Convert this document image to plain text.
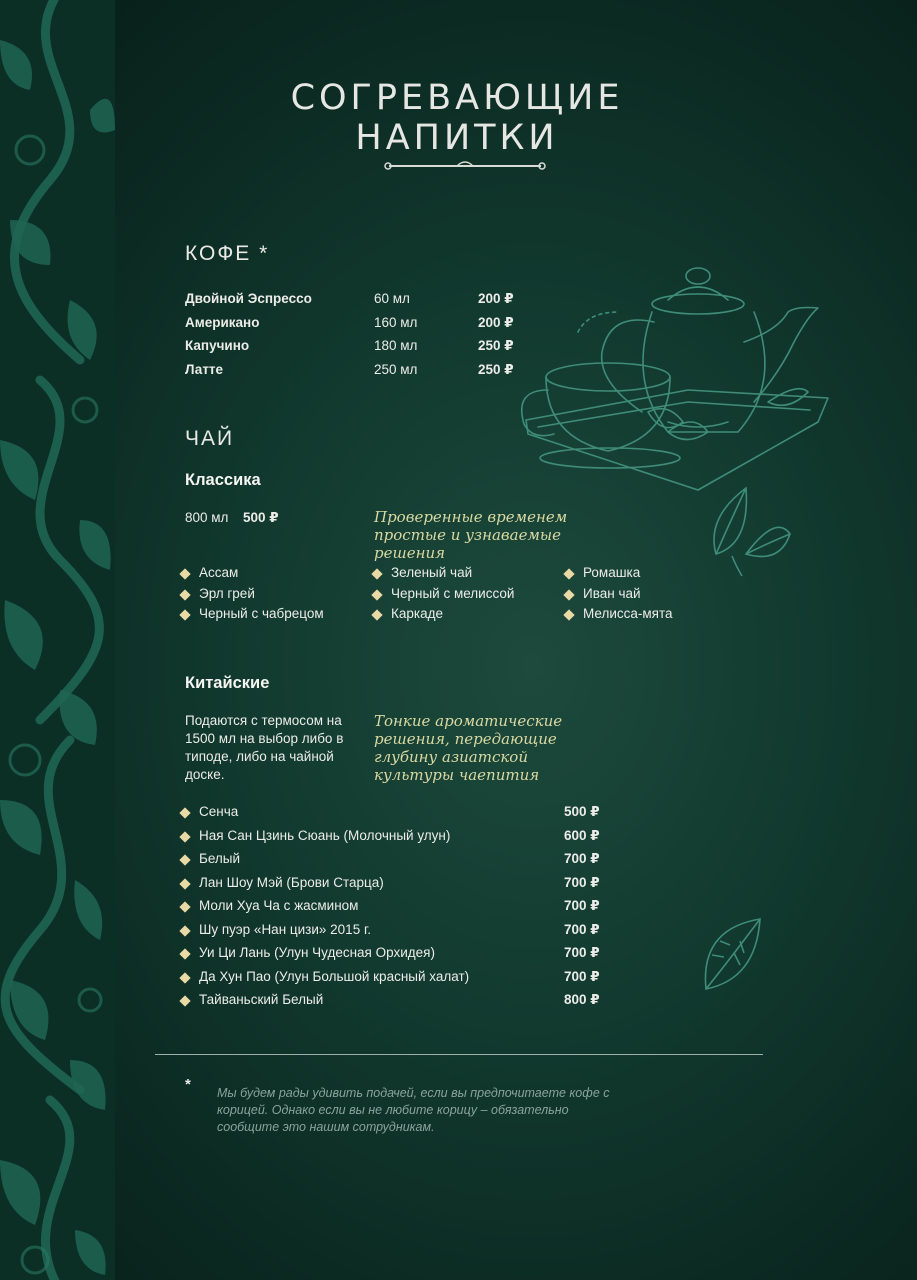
СОГРЕВАЮЩИЕ
НАПИТКИ
КОФЕ *
Двойной Эспрессо	60 мл	200 ₽
Американо	160 мл	200 ₽
Капучино	180 мл	250 ₽
Латте	250 мл	250 ₽
ЧАЙ
Классика
800 мл 500 ₽	Проверенные временем простые и узнаваемые решения
Ассам
Эрл грей
Черный с чабрецом
Зеленый чай
Черный с мелиссой
Каркаде
Ромашка
Иван чай
Мелисса-мята
Китайские
Подаются с термосом на 1500 мл на выбор либо в типоде, либо на чайной доске.
Тонкие ароматические решения, передающие глубину азиатской культуры чаепития
Сенча	500 ₽
Ная Сан Цзинь Сюань (Молочный улун)	600 ₽
Белый	700 ₽
Лан Шоу Мэй (Брови Старца)	700 ₽
Моли Хуа Ча с жасмином	700 ₽
Шу пуэр «Нан цизи» 2015 г.	700 ₽
Уи Ци Лань (Улун Чудесная Орхидея)	700 ₽
Да Хун Пао (Улун Большой красный халат)	700 ₽
Тайваньский Белый	800 ₽
* Мы будем рады удивить подачей, если вы предпочитаете кофе с корицей. Однако если вы не любите корицу – обязательно сообщите это нашим сотрудникам.
